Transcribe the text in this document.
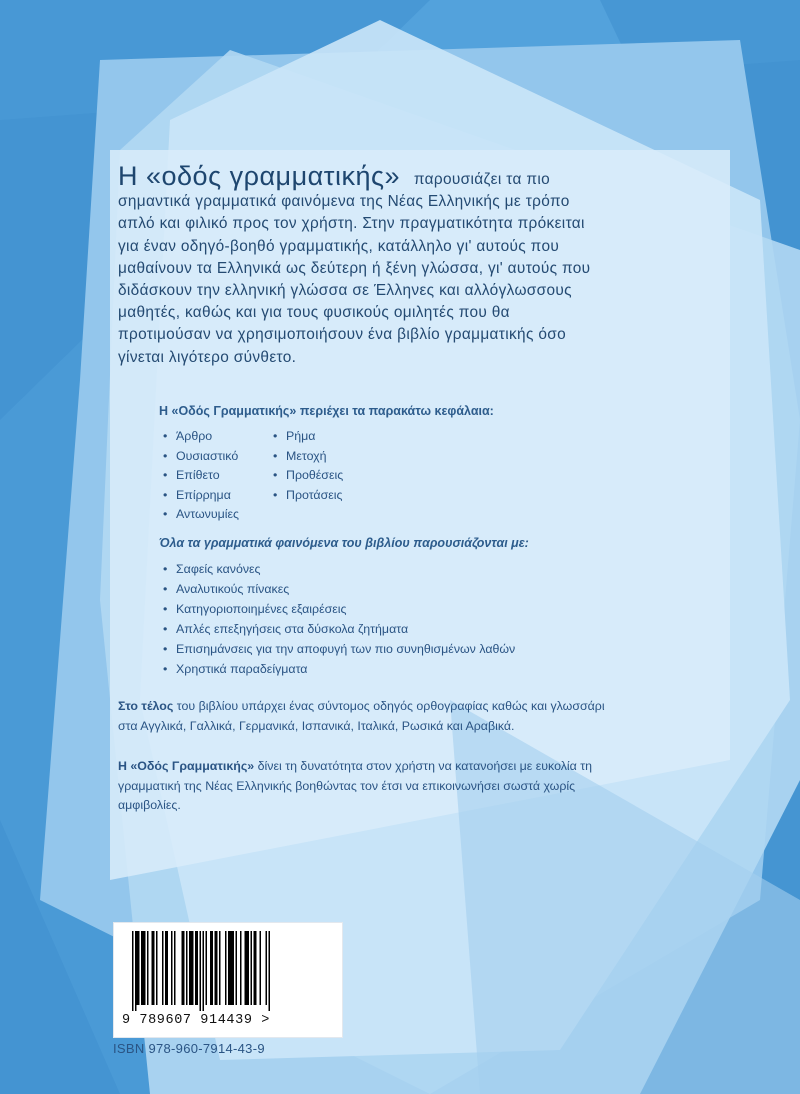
Η «οδός γραμματικής» παρουσιάζει τα πιο
σημαντικά γραμματικά φαινόμενα της Νέας Ελληνικής με τρόπο
απλό και φιλικό προς τον χρήστη. Στην πραγματικότητα πρόκειται
για έναν οδηγό-βοηθό γραμματικής, κατάλληλο γι' αυτούς που
μαθαίνουν τα Ελληνικά ως δεύτερη ή ξένη γλώσσα, γι' αυτούς που
διδάσκουν την ελληνική γλώσσα σε Έλληνες και αλλόγλωσσους
μαθητές, καθώς και για τους φυσικούς ομιλητές που θα
προτιμούσαν να χρησιμοποιήσουν ένα βιβλίο γραμματικής όσο
γίνεται λιγότερο σύνθετο.
Η «Οδός Γραμματικής» περιέχει τα παρακάτω κεφάλαια:
• Άρθρο
• Ουσιαστικό
• Επίθετο
• Επίρρημα
• Αντωνυμίες
• Ρήμα
• Μετοχή
• Προθέσεις
• Προτάσεις
Όλα τα γραμματικά φαινόμενα του βιβλίου παρουσιάζονται με:
• Σαφείς κανόνες
• Αναλυτικούς πίνακες
• Κατηγοριοποιημένες εξαιρέσεις
• Απλές επεξηγήσεις στα δύσκολα ζητήματα
• Επισημάνσεις για την αποφυγή των πιο συνηθισμένων λαθών
• Χρηστικά παραδείγματα
Στο τέλος του βιβλίου υπάρχει ένας σύντομος οδηγός ορθογραφίας καθώς και γλωσσάρι
στα Αγγλικά, Γαλλικά, Γερμανικά, Ισπανικά, Ιταλικά, Ρωσικά και Αραβικά.
Η «Οδός Γραμματικής» δίνει τη δυνατότητα στον χρήστη να κατανοήσει με ευκολία τη
γραμματική της Νέας Ελληνικής βοηθώντας τον έτσι να επικοινωνήσει σωστά χωρίς
αμφιβολίες.
9 789607 914439 >
ISBN 978-960-7914-43-9
